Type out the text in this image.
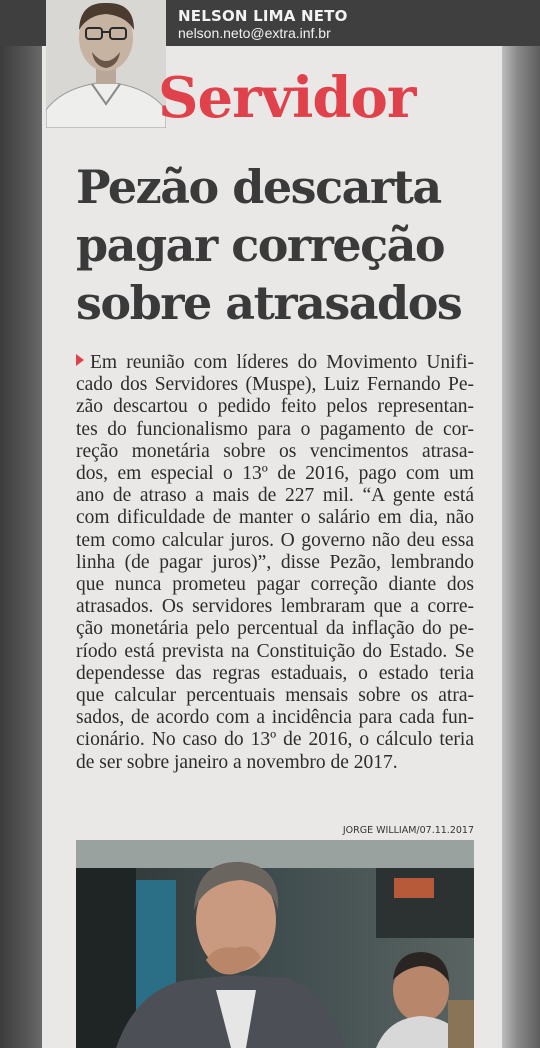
NELSON LIMA NETO
nelson.neto@extra.inf.br
Servidor
Pezão descarta
pagar correção
sobre atrasados
Em reunião com líderes do Movimento Unifi-
cado dos Servidores (Muspe), Luiz Fernando Pe-
zão descartou o pedido feito pelos representan-
tes do funcionalismo para o pagamento de cor-
reção monetária sobre os vencimentos atrasa-
dos, em especial o 13º de 2016, pago com um
ano de atraso a mais de 227 mil. “A gente está
com dificuldade de manter o salário em dia, não
tem como calcular juros. O governo não deu essa
linha (de pagar juros)”, disse Pezão, lembrando
que nunca prometeu pagar correção diante dos
atrasados. Os servidores lembraram que a corre-
ção monetária pelo percentual da inflação do pe-
ríodo está prevista na Constituição do Estado. Se
dependesse das regras estaduais, o estado teria
que calcular percentuais mensais sobre os atra-
sados, de acordo com a incidência para cada fun-
cionário. No caso do 13º de 2016, o cálculo teria
de ser sobre janeiro a novembro de 2017.
JORGE WILLIAM/07.11.2017
